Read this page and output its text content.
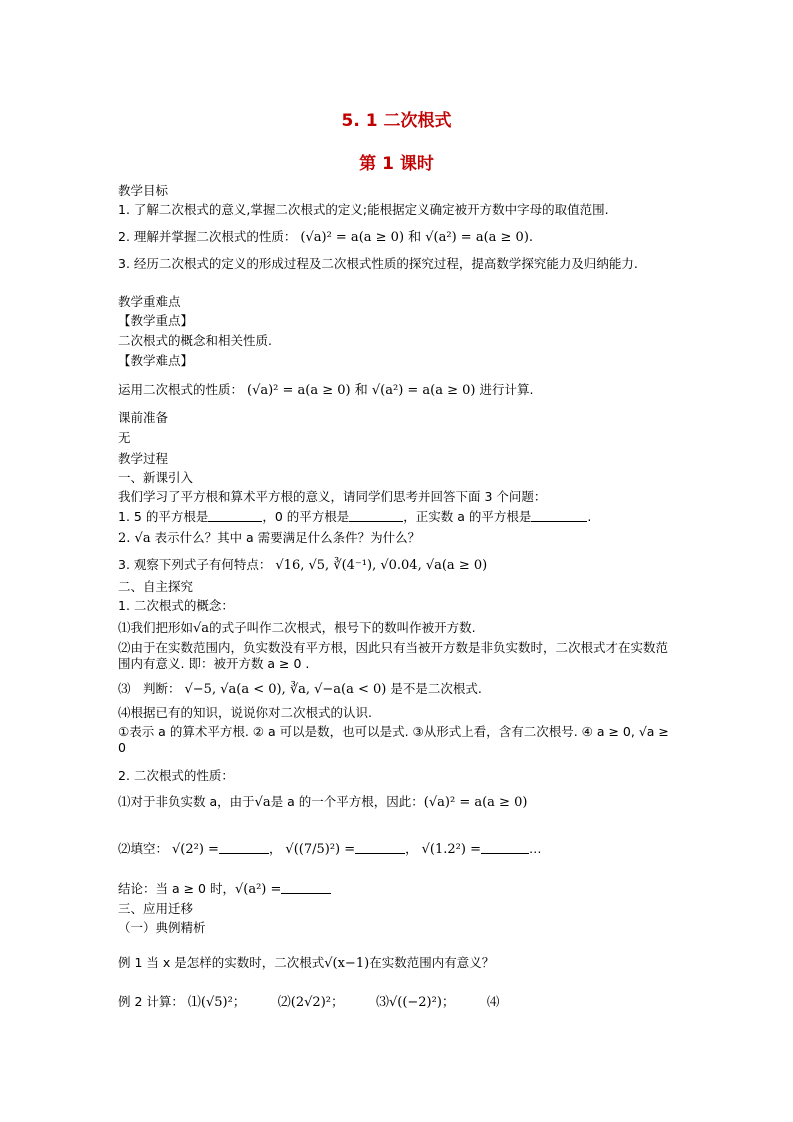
5. 1 二次根式
第 1 课时
教学目标
1. 了解二次根式的意义,掌握二次根式的定义;能根据定义确定被开方数中字母的取值范围.
2. 理解并掌握二次根式的性质： (√a)² = a(a ≥ 0) 和 √(a²) = a(a ≥ 0).
3. 经历二次根式的定义的形成过程及二次根式性质的探究过程，提高数学探究能力及归纳能力.
教学重难点
【教学重点】
二次根式的概念和相关性质.
【教学难点】
运用二次根式的性质： (√a)² = a(a ≥ 0) 和 √(a²) = a(a ≥ 0) 进行计算.
课前准备
无
教学过程
一、新课引入
我们学习了平方根和算术平方根的意义，请同学们思考并回答下面 3 个问题：
1. 5 的平方根是	，0 的平方根是	，正实数 a 的平方根是	.
2. √a 表示什么？其中 a 需要满足什么条件？为什么？
3. 观察下列式子有何特点： √16, √5, ∛(4⁻¹), √0.04, √a(a ≥ 0)
二、自主探究
1. 二次根式的概念：
⑴我们把形如√a的式子叫作二次根式，根号下的数叫作被开方数.
⑵由于在实数范围内，负实数没有平方根，因此只有当被开方数是非负实数时，二次根式才在实数范围内有意义. 即：被开方数 a ≥ 0 .
⑶　判断： √−5, √a(a < 0), ∛a, √−a(a < 0) 是不是二次根式.
⑷根据已有的知识，说说你对二次根式的认识.
①表示 a 的算术平方根. ② a 可以是数，也可以是式. ③从形式上看，含有二次根号. ④ a ≥ 0, √a ≥ 0
2. 二次根式的性质：
⑴对于非负实数 a，由于√a是 a 的一个平方根，因此：(√a)² = a(a ≥ 0)
⑵填空： √(2²) =	， √((7/5)²) =	， √(1.2²) =	…
结论：当 a ≥ 0 时，√(a²) =
三、应用迁移
（一）典例精析
例 1 当 x 是怎样的实数时，二次根式√(x−1)在实数范围内有意义？
例 2 计算： ⑴(√5)²； ⑵(2√2)²； ⑶√((−2)²)；	⑷
